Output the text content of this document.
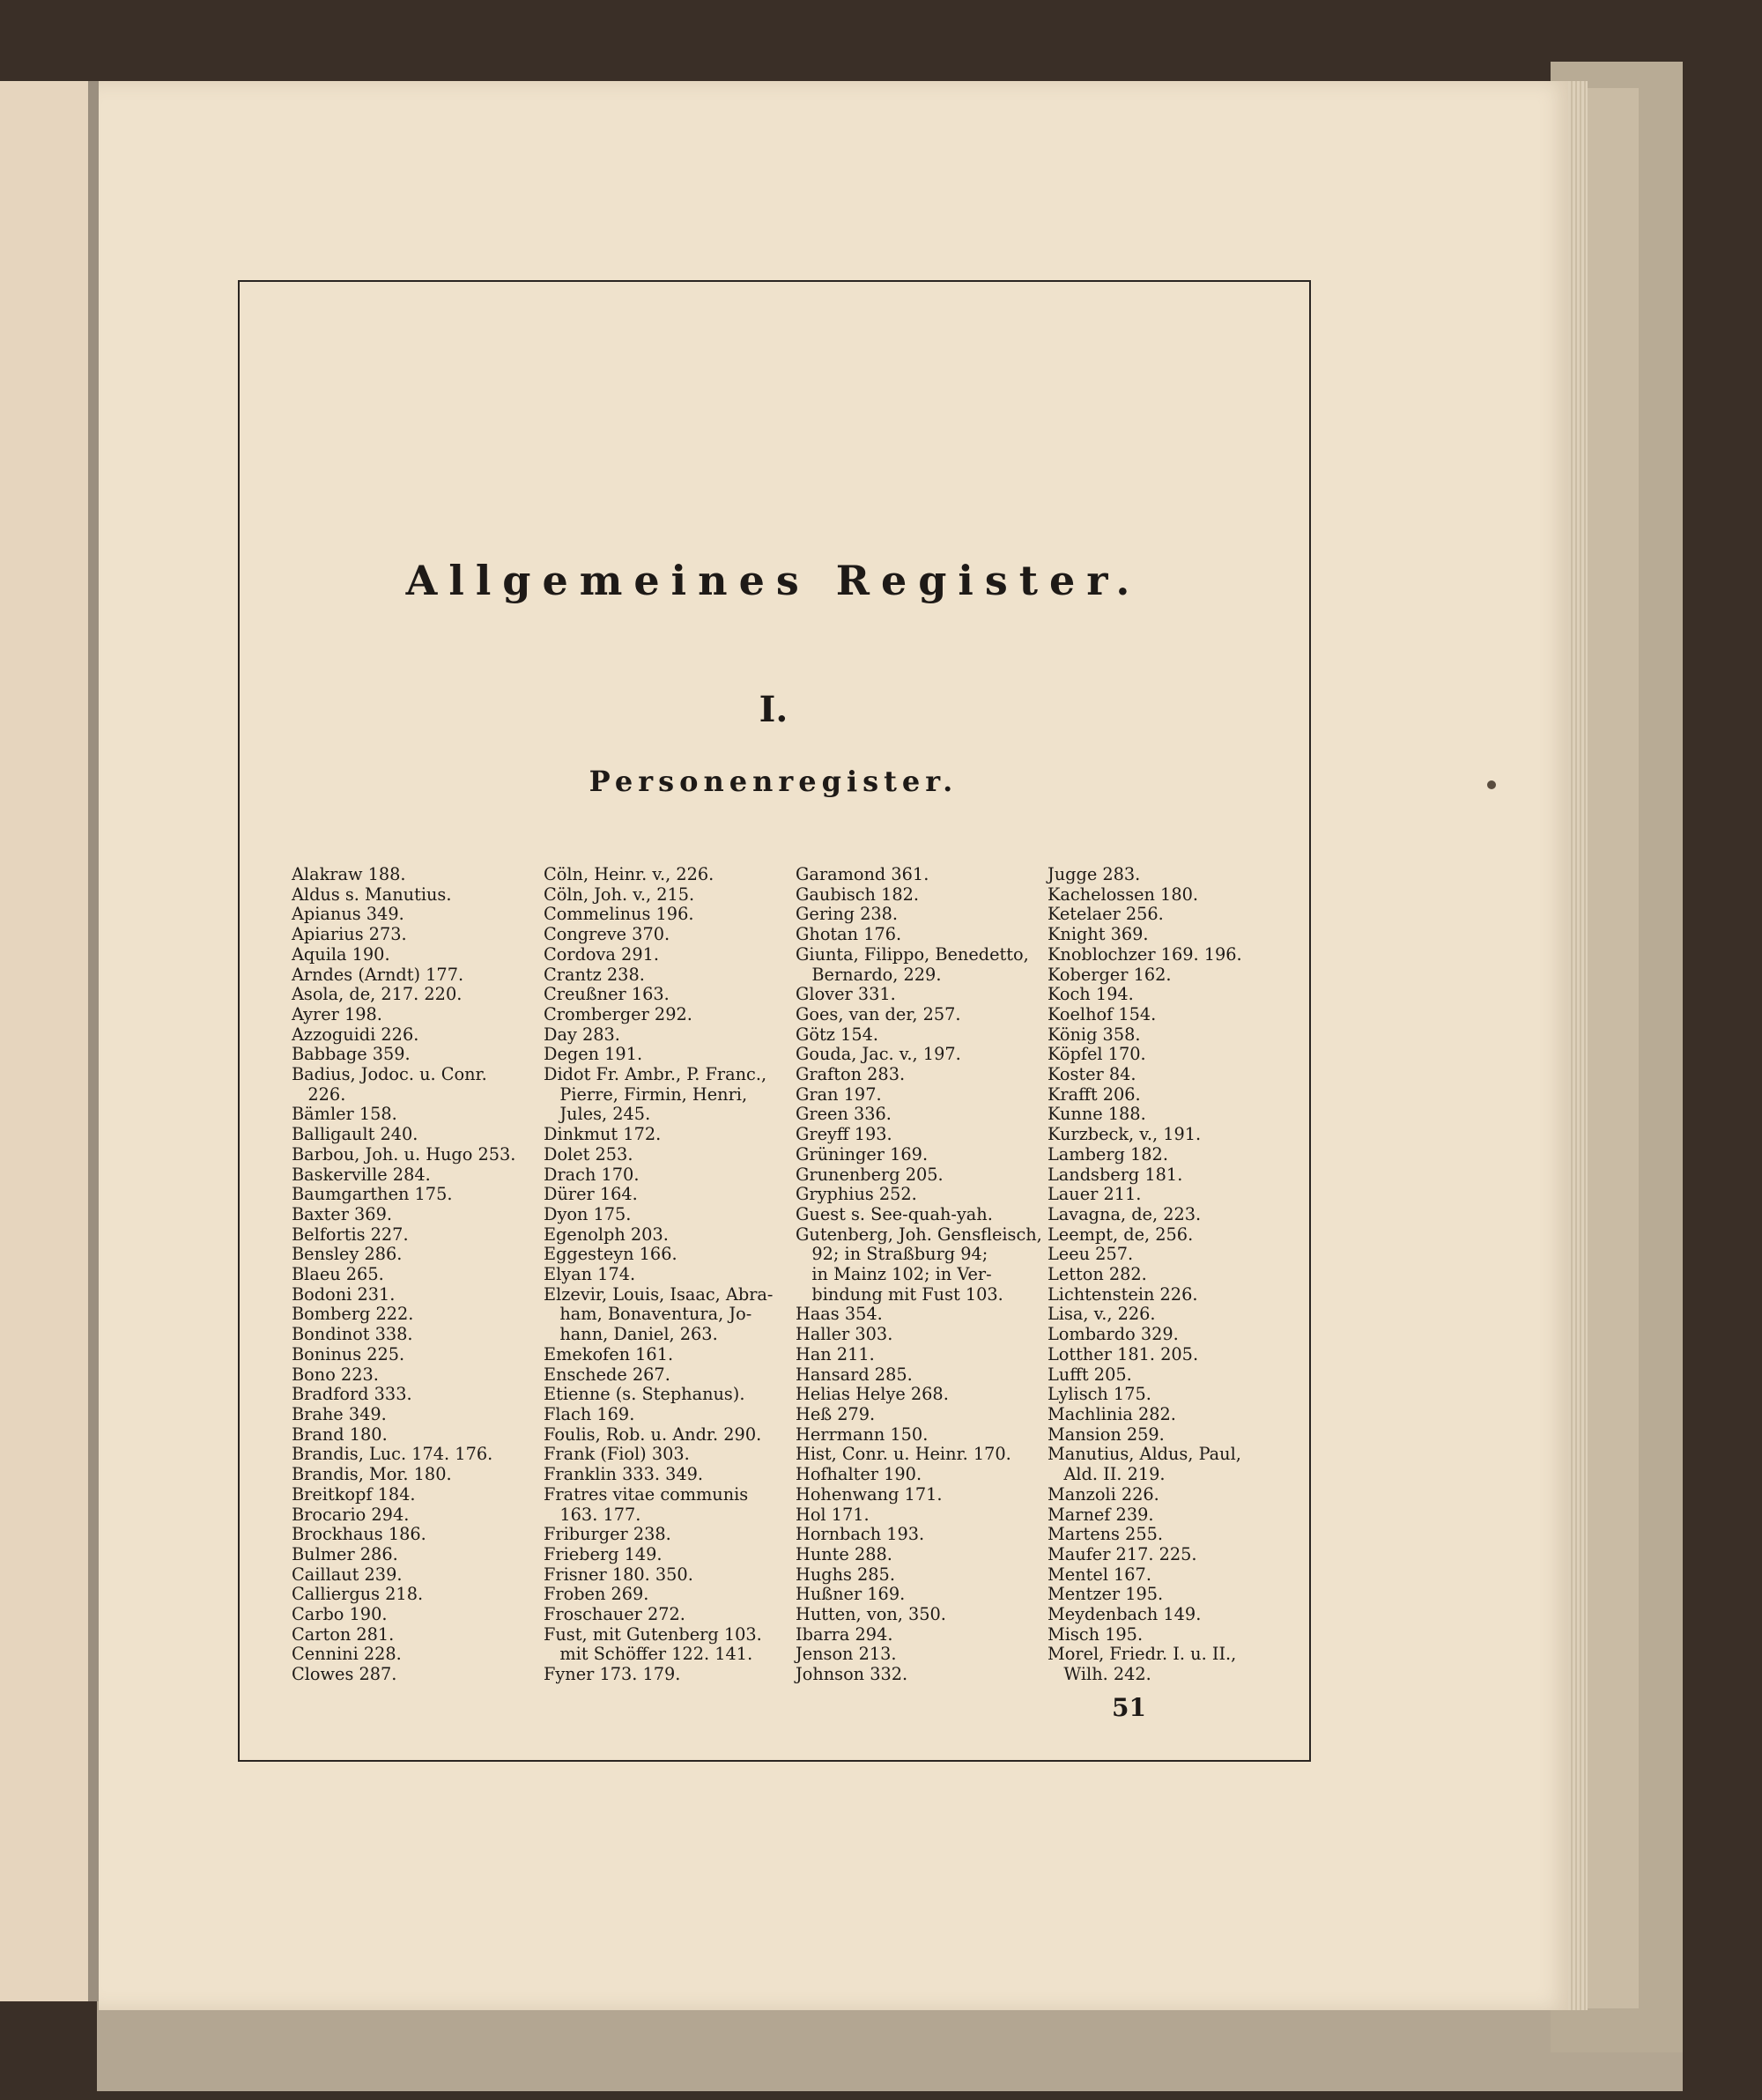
Allgemeines Register.
I.
Personenregister.
Alakraw 188.
Aldus s. Manutius.
Apianus 349.
Apiarius 273.
Aquila 190.
Arndes (Arndt) 177.
Asola, de, 217. 220.
Ayrer 198.
Azzoguidi 226.
Babbage 359.
Badius, Jodoc. u. Conr.
226.
Bämler 158.
Balligault 240.
Barbou, Joh. u. Hugo 253.
Baskerville 284.
Baumgarthen 175.
Baxter 369.
Belfortis 227.
Bensley 286.
Blaeu 265.
Bodoni 231.
Bomberg 222.
Bondinot 338.
Boninus 225.
Bono 223.
Bradford 333.
Brahe 349.
Brand 180.
Brandis, Luc. 174. 176.
Brandis, Mor. 180.
Breitkopf 184.
Brocario 294.
Brockhaus 186.
Bulmer 286.
Caillaut 239.
Calliergus 218.
Carbo 190.
Carton 281.
Cennini 228.
Clowes 287.
Cöln, Heinr. v., 226.
Cöln, Joh. v., 215.
Commelinus 196.
Congreve 370.
Cordova 291.
Crantz 238.
Creußner 163.
Cromberger 292.
Day 283.
Degen 191.
Didot Fr. Ambr., P. Franc.,
Pierre, Firmin, Henri,
Jules, 245.
Dinkmut 172.
Dolet 253.
Drach 170.
Dürer 164.
Dyon 175.
Egenolph 203.
Eggesteyn 166.
Elyan 174.
Elzevir, Louis, Isaac, Abra-
ham, Bonaventura, Jo-
hann, Daniel, 263.
Emekofen 161.
Enschede 267.
Etienne (s. Stephanus).
Flach 169.
Foulis, Rob. u. Andr. 290.
Frank (Fiol) 303.
Franklin 333. 349.
Fratres vitae communis
163. 177.
Friburger 238.
Frieberg 149.
Frisner 180. 350.
Froben 269.
Froschauer 272.
Fust, mit Gutenberg 103.
mit Schöffer 122. 141.
Fyner 173. 179.
Garamond 361.
Gaubisch 182.
Gering 238.
Ghotan 176.
Giunta, Filippo, Benedetto,
Bernardo, 229.
Glover 331.
Goes, van der, 257.
Götz 154.
Gouda, Jac. v., 197.
Grafton 283.
Gran 197.
Green 336.
Greyff 193.
Grüninger 169.
Grunenberg 205.
Gryphius 252.
Guest s. See-quah-yah.
Gutenberg, Joh. Gensfleisch,
92; in Straßburg 94;
in Mainz 102; in Ver-
bindung mit Fust 103.
Haas 354.
Haller 303.
Han 211.
Hansard 285.
Helias Helye 268.
Heß 279.
Herrmann 150.
Hist, Conr. u. Heinr. 170.
Hofhalter 190.
Hohenwang 171.
Hol 171.
Hornbach 193.
Hunte 288.
Hughs 285.
Hußner 169.
Hutten, von, 350.
Ibarra 294.
Jenson 213.
Johnson 332.
Jugge 283.
Kachelossen 180.
Ketelaer 256.
Knight 369.
Knoblochzer 169. 196.
Koberger 162.
Koch 194.
Koelhof 154.
König 358.
Köpfel 170.
Koster 84.
Krafft 206.
Kunne 188.
Kurzbeck, v., 191.
Lamberg 182.
Landsberg 181.
Lauer 211.
Lavagna, de, 223.
Leempt, de, 256.
Leeu 257.
Letton 282.
Lichtenstein 226.
Lisa, v., 226.
Lombardo 329.
Lotther 181. 205.
Lufft 205.
Lylisch 175.
Machlinia 282.
Mansion 259.
Manutius, Aldus, Paul,
Ald. II. 219.
Manzoli 226.
Marnef 239.
Martens 255.
Maufer 217. 225.
Mentel 167.
Mentzer 195.
Meydenbach 149.
Misch 195.
Morel, Friedr. I. u. II.,
Wilh. 242.
51
